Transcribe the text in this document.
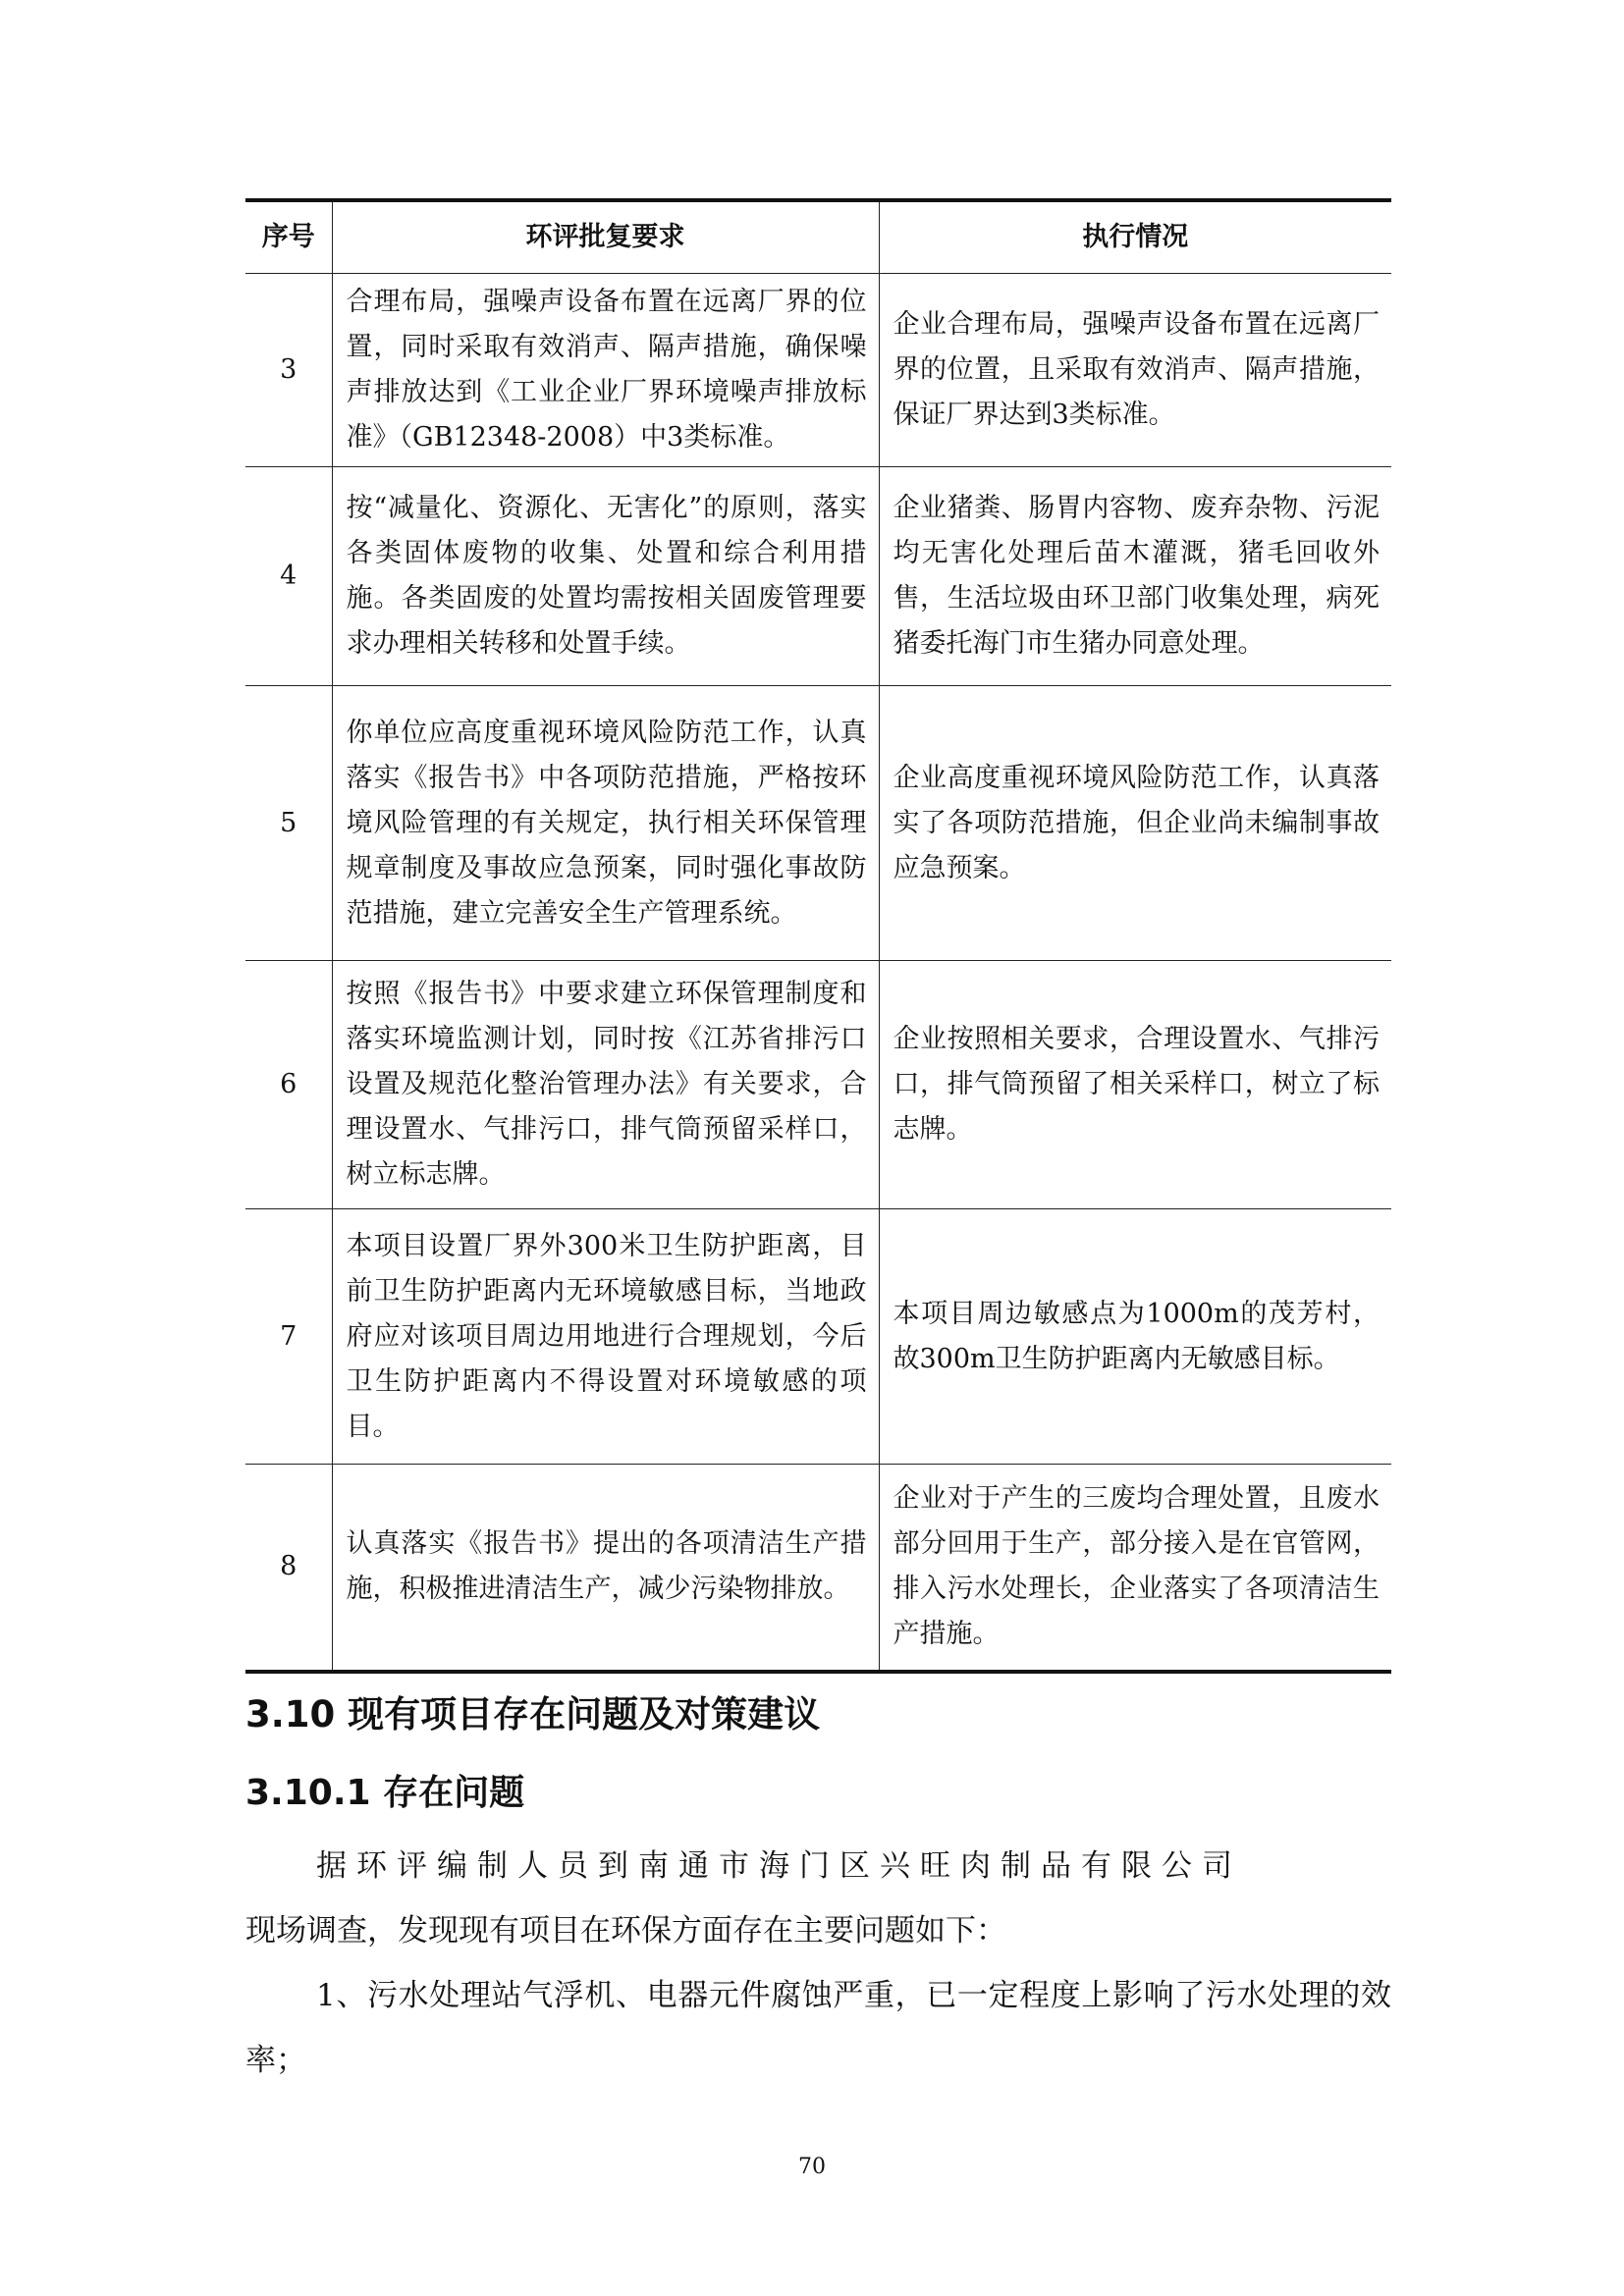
序号	环评批复要求	执行情况
3	合理布局，强噪声设备布置在远离厂界的位置，同时采取有效消声、隔声措施，确保噪声排放达到《工业企业厂界环境噪声排放标准》（GB12348-2008）中3类标准。	企业合理布局，强噪声设备布置在远离厂界的位置，且采取有效消声、隔声措施，保证厂界达到3类标准。
4	按“减量化、资源化、无害化”的原则，落实各类固体废物的收集、处置和综合利用措施。各类固废的处置均需按相关固废管理要求办理相关转移和处置手续。	企业猪粪、肠胃内容物、废弃杂物、污泥均无害化处理后苗木灌溉，猪毛回收外售，生活垃圾由环卫部门收集处理，病死猪委托海门市生猪办同意处理。
5	你单位应高度重视环境风险防范工作，认真落实《报告书》中各项防范措施，严格按环境风险管理的有关规定，执行相关环保管理规章制度及事故应急预案，同时强化事故防范措施，建立完善安全生产管理系统。	企业高度重视环境风险防范工作，认真落实了各项防范措施，但企业尚未编制事故应急预案。
6	按照《报告书》中要求建立环保管理制度和落实环境监测计划，同时按《江苏省排污口设置及规范化整治管理办法》有关要求，合理设置水、气排污口，排气筒预留采样口，树立标志牌。	企业按照相关要求，合理设置水、气排污口，排气筒预留了相关采样口，树立了标志牌。
7	本项目设置厂界外300米卫生防护距离，目前卫生防护距离内无环境敏感目标，当地政府应对该项目周边用地进行合理规划，今后卫生防护距离内不得设置对环境敏感的项目。	本项目周边敏感点为1000m的茂芳村，故300m卫生防护距离内无敏感目标。
8	认真落实《报告书》提出的各项清洁生产措施，积极推进清洁生产，减少污染物排放。	企业对于产生的三废均合理处置，且废水部分回用于生产，部分接入是在官管网，排入污水处理长，企业落实了各项清洁生产措施。
3.10 现有项目存在问题及对策建议
3.10.1 存在问题

据环评编制人员到南通市海门区兴旺肉制品有限公司
现场调查，发现现有项目在环保方面存在主要问题如下：

1、污水处理站气浮机、电器元件腐蚀严重，已一定程度上影响了污水处理的效率；

70
